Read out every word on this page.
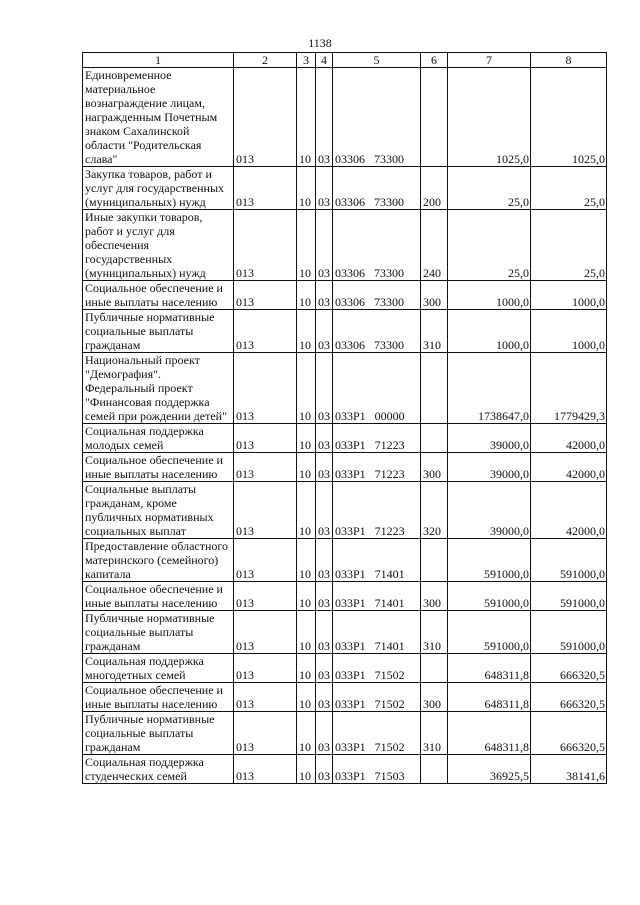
1138
1	2	3	4	5	6	7	8
Единовременное материальное вознаграждение лицам, награжденным Почетным знаком Сахалинской области "Родительская слава"	013	10	03	03306 73300		1025,0	1025,0
Закупка товаров, работ и услуг для государственных (муниципальных) нужд	013	10	03	03306 73300	200	25,0	25,0
Иные закупки товаров, работ и услуг для обеспечения государственных (муниципальных) нужд	013	10	03	03306 73300	240	25,0	25,0
Социальное обеспечение и иные выплаты населению	013	10	03	03306 73300	300	1000,0	1000,0
Публичные нормативные социальные выплаты гражданам	013	10	03	03306 73300	310	1000,0	1000,0
Национальный проект "Демография". Федеральный проект "Финансовая поддержка семей при рождении детей"	013	10	03	033P1 00000		1738647,0	1779429,3
Социальная поддержка молодых семей	013	10	03	033P1 71223		39000,0	42000,0
Социальное обеспечение и иные выплаты населению	013	10	03	033P1 71223	300	39000,0	42000,0
Социальные выплаты гражданам, кроме публичных нормативных социальных выплат	013	10	03	033P1 71223	320	39000,0	42000,0
Предоставление областного материнского (семейного) капитала	013	10	03	033P1 71401		591000,0	591000,0
Социальное обеспечение и иные выплаты населению	013	10	03	033P1 71401	300	591000,0	591000,0
Публичные нормативные социальные выплаты гражданам	013	10	03	033P1 71401	310	591000,0	591000,0
Социальная поддержка многодетных семей	013	10	03	033P1 71502		648311,8	666320,5
Социальное обеспечение и иные выплаты населению	013	10	03	033P1 71502	300	648311,8	666320,5
Публичные нормативные социальные выплаты гражданам	013	10	03	033P1 71502	310	648311,8	666320,5
Социальная поддержка студенческих семей	013	10	03	033P1 71503		36925,5	38141,6
